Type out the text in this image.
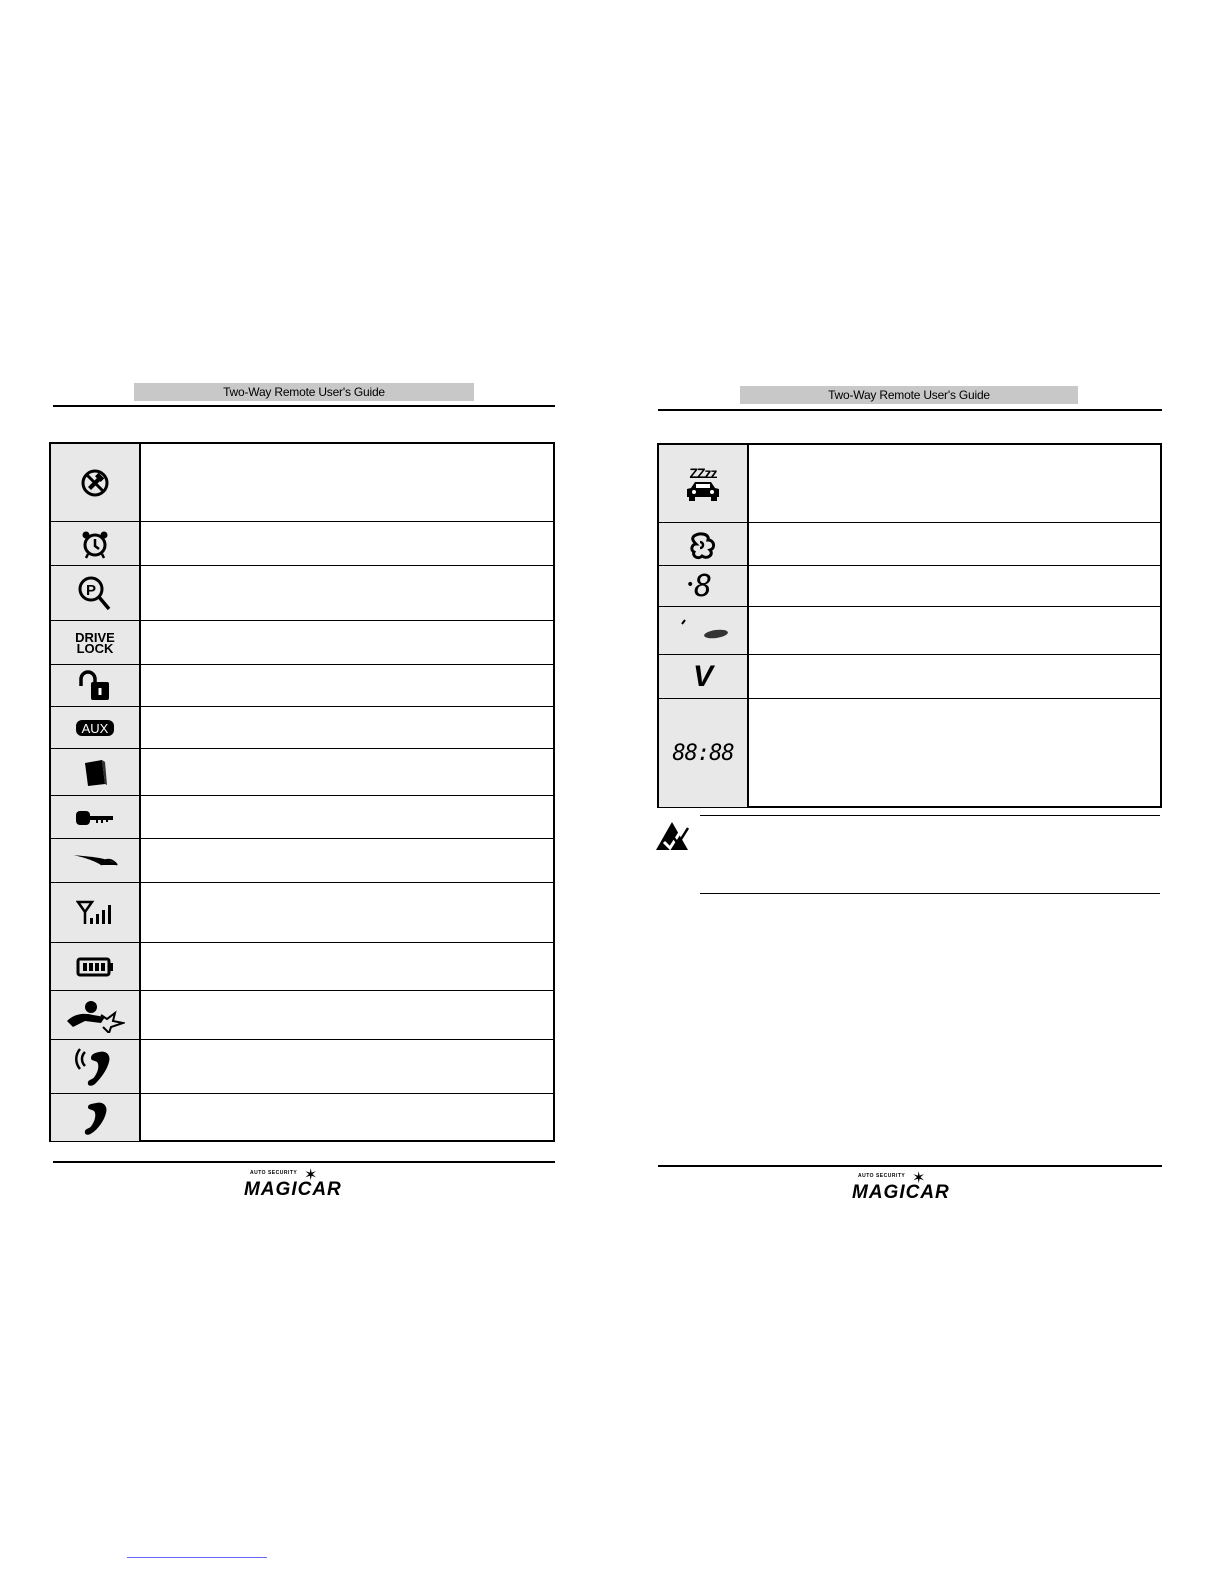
Two-Way Remote User's Guide
P
DRIVE
LOCK
AUX
AUTO SECURITY ✶
MAGICAR
Two-Way Remote User's Guide
ZZzz
• 8
V
88:88
AUTO SECURITY ✶
MAGICAR
